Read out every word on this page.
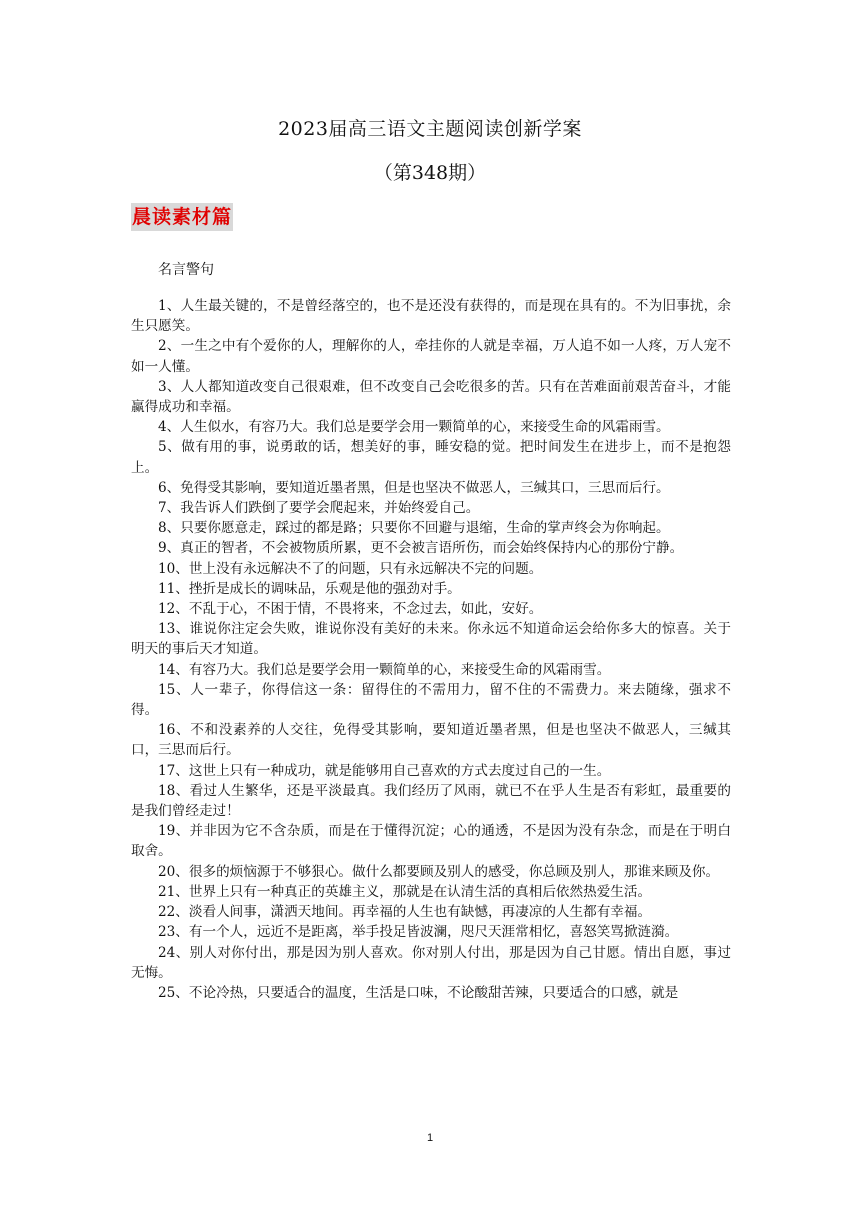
2023届高三语文主题阅读创新学案
（第348期）
晨读素材篇
名言警句
1、人生最关键的，不是曾经落空的，也不是还没有获得的，而是现在具有的。不为旧事扰，余生只愿笑。
2、一生之中有个爱你的人，理解你的人，牵挂你的人就是幸福，万人追不如一人疼，万人宠不如一人懂。
3、人人都知道改变自己很艰难，但不改变自己会吃很多的苦。只有在苦难面前艰苦奋斗，才能赢得成功和幸福。
4、人生似水，有容乃大。我们总是要学会用一颗简单的心，来接受生命的风霜雨雪。
5、做有用的事，说勇敢的话，想美好的事，睡安稳的觉。把时间发生在进步上，而不是抱怨上。
6、免得受其影响，要知道近墨者黑，但是也坚决不做恶人，三缄其口，三思而后行。
7、我告诉人们跌倒了要学会爬起来，并始终爱自己。
8、只要你愿意走，踩过的都是路；只要你不回避与退缩，生命的掌声终会为你响起。
9、真正的智者，不会被物质所累，更不会被言语所伤，而会始终保持内心的那份宁静。
10、世上没有永远解决不了的问题，只有永远解决不完的问题。
11、挫折是成长的调味品，乐观是他的强劲对手。
12、不乱于心，不困于情，不畏将来，不念过去，如此，安好。
13、谁说你注定会失败，谁说你没有美好的未来。你永远不知道命运会给你多大的惊喜。关于明天的事后天才知道。
14、有容乃大。我们总是要学会用一颗简单的心，来接受生命的风霜雨雪。
15、人一辈子，你得信这一条：留得住的不需用力，留不住的不需费力。来去随缘，强求不得。
16、不和没素养的人交往，免得受其影响，要知道近墨者黑，但是也坚决不做恶人，三缄其口，三思而后行。
17、这世上只有一种成功，就是能够用自己喜欢的方式去度过自己的一生。
18、看过人生繁华，还是平淡最真。我们经历了风雨，就已不在乎人生是否有彩虹，最重要的是我们曾经走过！
19、并非因为它不含杂质，而是在于懂得沉淀；心的通透，不是因为没有杂念，而是在于明白取舍。
20、很多的烦恼源于不够狠心。做什么都要顾及别人的感受，你总顾及别人，那谁来顾及你。
21、世界上只有一种真正的英雄主义，那就是在认清生活的真相后依然热爱生活。
22、淡看人间事，潇洒天地间。再幸福的人生也有缺憾，再凄凉的人生都有幸福。
23、有一个人，远近不是距离，举手投足皆波澜，咫尺天涯常相忆，喜怒笑骂掀涟漪。
24、别人对你付出，那是因为别人喜欢。你对别人付出，那是因为自己甘愿。情出自愿，事过无悔。
25、不论冷热，只要适合的温度，生活是口味，不论酸甜苦辣，只要适合的口感，就是
1
